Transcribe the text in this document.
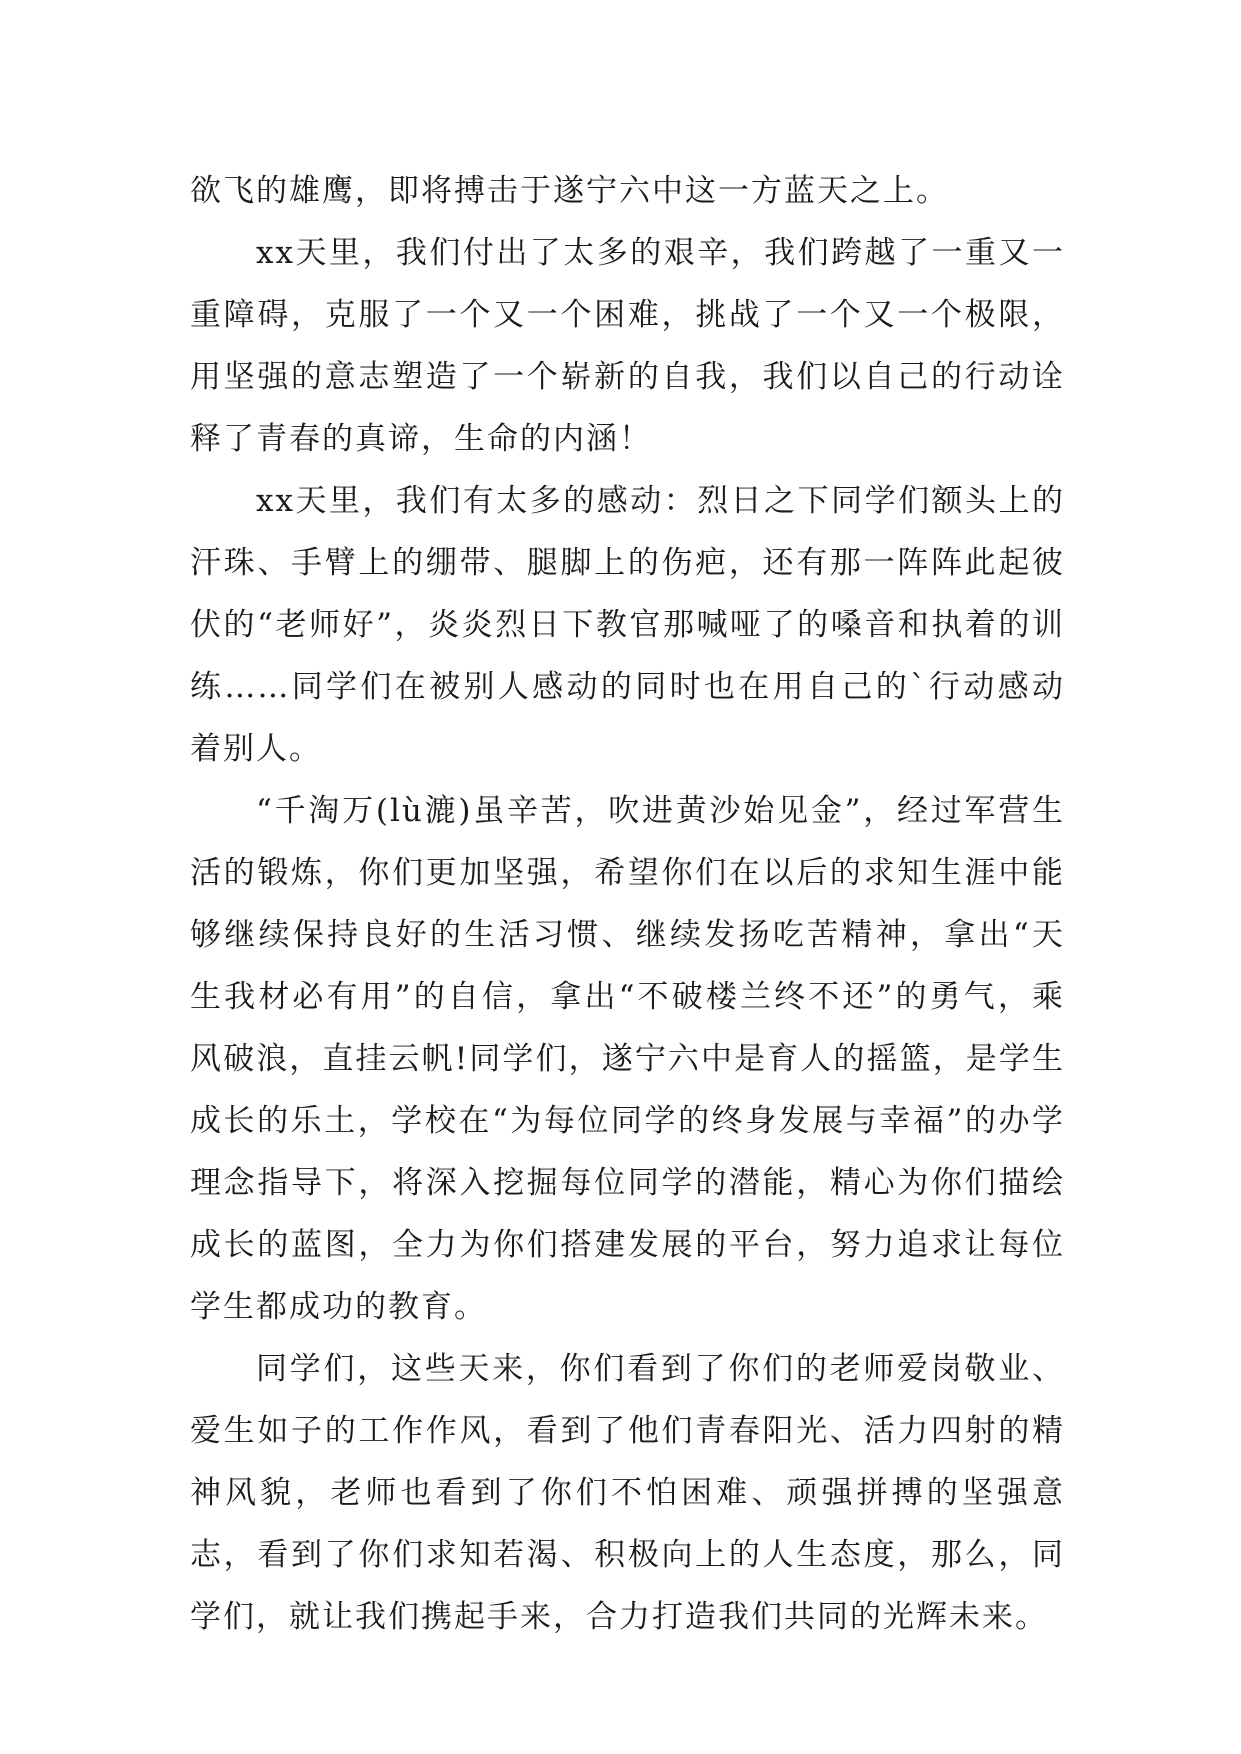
欲飞的雄鹰，即将搏击于遂宁六中这一方蓝天之上。

xx天里，我们付出了太多的艰辛，我们跨越了一重又一重障碍，克服了一个又一个困难，挑战了一个又一个极限，用坚强的意志塑造了一个崭新的自我，我们以自己的行动诠释了青春的真谛，生命的内涵！

xx天里，我们有太多的感动：烈日之下同学们额头上的汗珠、手臂上的绷带、腿脚上的伤疤，还有那一阵阵此起彼伏的“老师好”，炎炎烈日下教官那喊哑了的嗓音和执着的训练……同学们在被别人感动的同时也在用自己的`行动感动着别人。

“千淘万(lù漉)虽辛苦，吹进黄沙始见金”，经过军营生活的锻炼，你们更加坚强，希望你们在以后的求知生涯中能够继续保持良好的生活习惯、继续发扬吃苦精神，拿出“天生我材必有用”的自信，拿出“不破楼兰终不还”的勇气，乘风破浪，直挂云帆!同学们，遂宁六中是育人的摇篮，是学生成长的乐土，学校在“为每位同学的终身发展与幸福”的办学理念指导下，将深入挖掘每位同学的潜能，精心为你们描绘成长的蓝图，全力为你们搭建发展的平台，努力追求让每位学生都成功的教育。

同学们，这些天来，你们看到了你们的老师爱岗敬业、爱生如子的工作作风，看到了他们青春阳光、活力四射的精神风貌，老师也看到了你们不怕困难、顽强拼搏的坚强意志，看到了你们求知若渴、积极向上的人生态度，那么，同学们，就让我们携起手来，合力打造我们共同的光辉未来。
